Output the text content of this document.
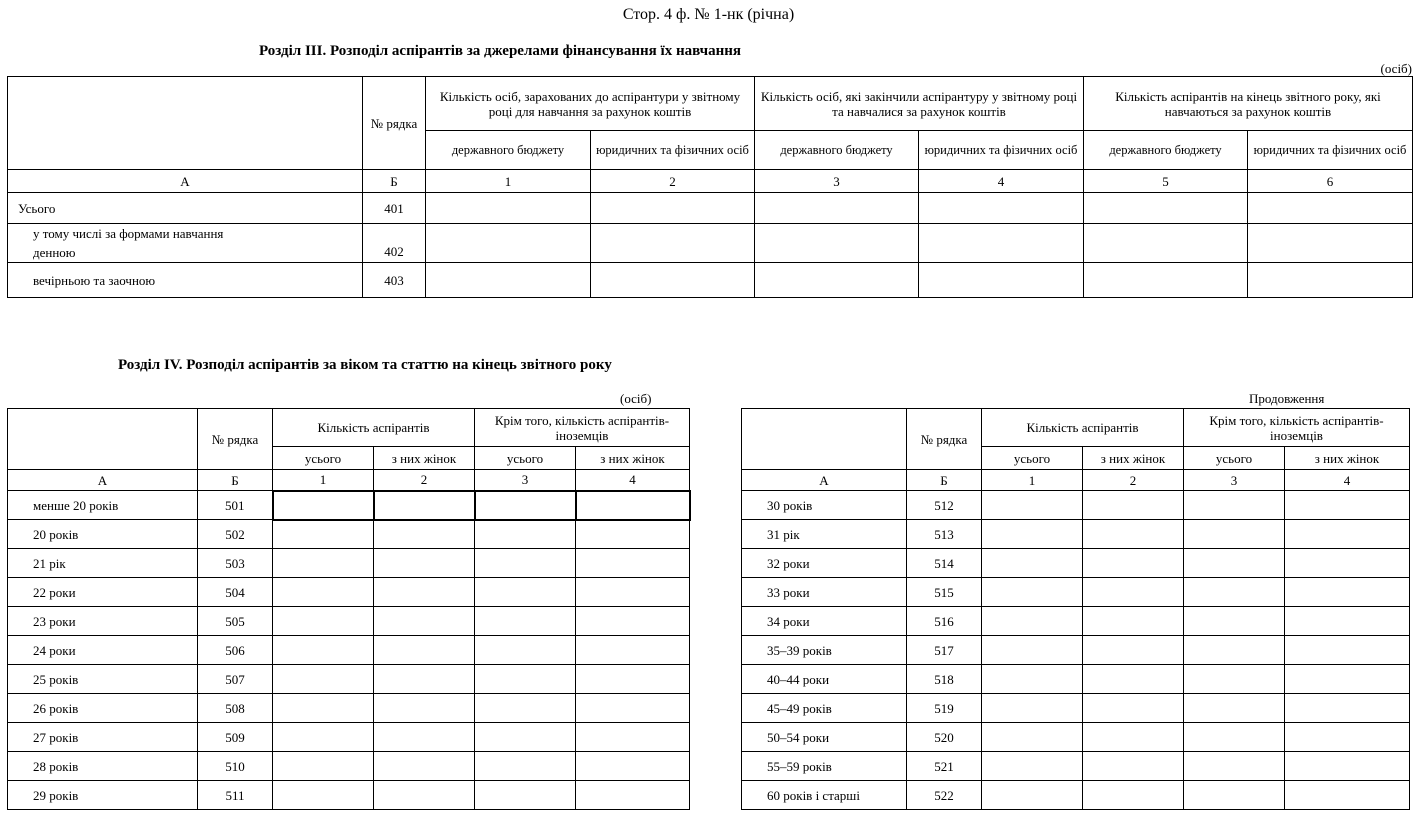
Стор. 4 ф. № 1-нк (річна)
Розділ III. Розподіл аспірантів за джерелами фінансування їх навчання
(осіб)
	№ рядка	Кількість осіб, зарахованих до аспірантури у звітному році для навчання за рахунок коштів		Кількість осіб, які закінчили аспірантуру у звітному році та навчалися за рахунок коштів		Кількість аспірантів на кінець звітного року, які навчаються за рахунок коштів	
		державного бюджету	юридичних та фізичних осіб	державного бюджету	юридичних та фізичних осіб	державного бюджету	юридичних та фізичних осіб
А	Б	1	2	3	4	5	6
Усього	401						

у тому числі за формами навчання
денною	402						
вечірньою та заочною	403						
Розділ IV. Розподіл аспірантів за віком та статтю на кінець звітного року
(осіб)	Продовження
	№ рядка	Кількість аспірантів		Крім того, кількість аспірантів-іноземців	
		усього	з них жінок	усього	з них жінок
А	Б	1	2	3	4
менше 20 років	501				
20 років	502				
21 рік	503				
22 роки	504				
23 роки	505				
24 роки	506				
25 років	507				
26 років	508				
27 років	509				
28 років	510				
29 років	511				
	№ рядка	Кількість аспірантів		Крім того, кількість аспірантів-іноземців	
		усього	з них жінок	усього	з них жінок
А	Б	1	2	3	4
30 років	512				
31 рік	513				
32 роки	514				
33 роки	515				
34 роки	516				
35–39 років	517				
40–44 роки	518				
45–49 років	519				
50–54 роки	520				
55–59 років	521				
60 років і старші	522				
